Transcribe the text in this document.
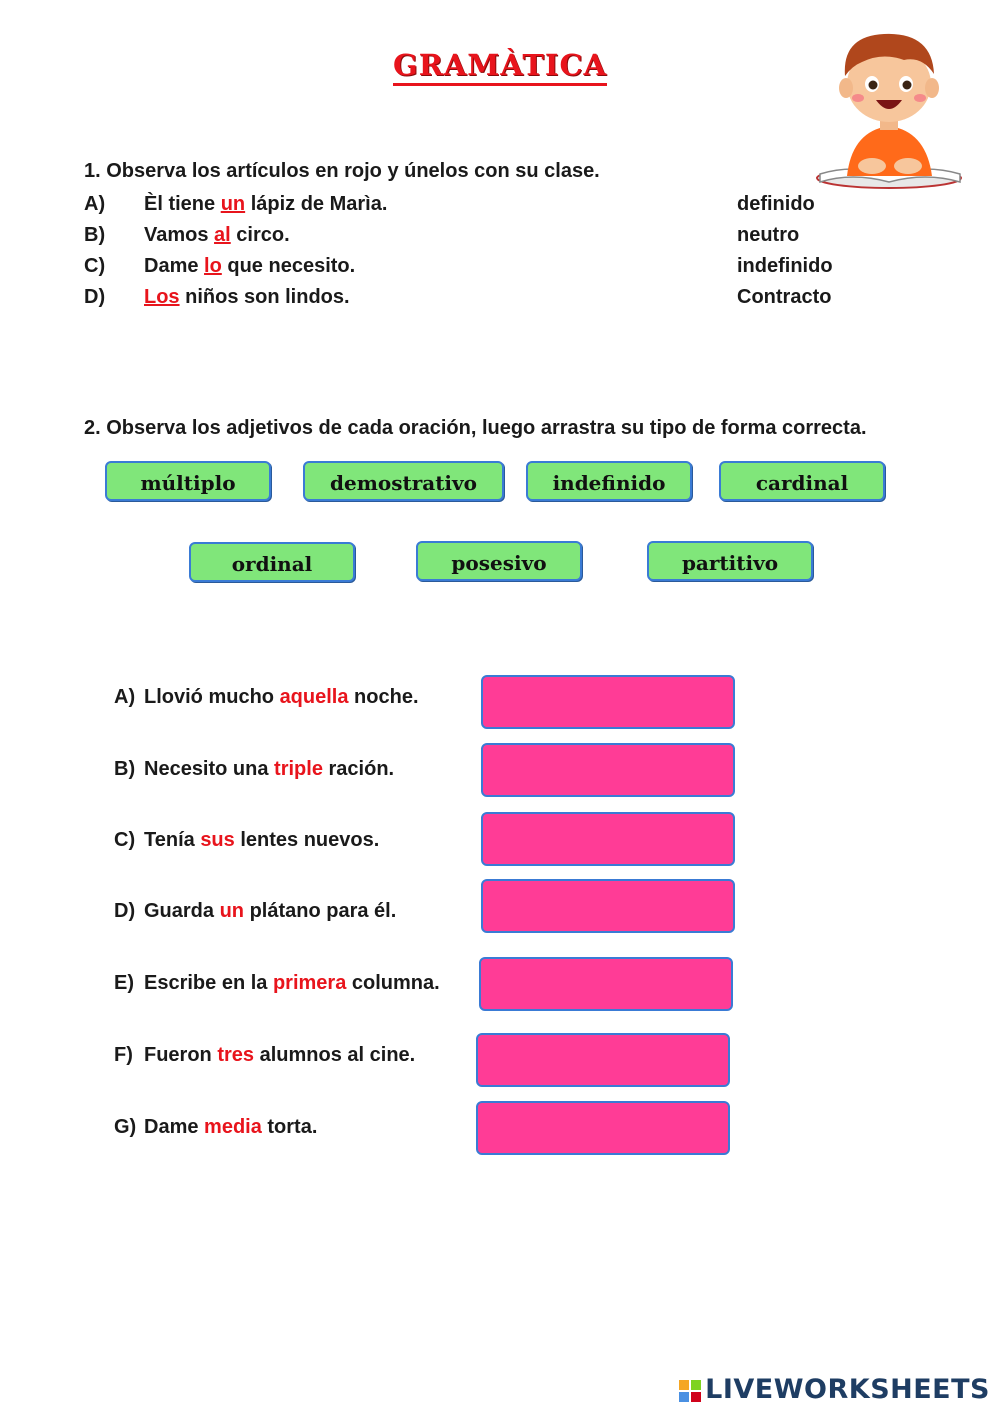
GRAMÀTICA
1. Observa los artículos en rojo y únelos con su clase.
A) Èl tiene un lápiz de Marìa.
B) Vamos al circo.
C) Dame lo que necesito.
D) Los niños son lindos.
definido
neutro
indefinido
Contracto
2. Observa los adjetivos de cada oración, luego arrastra su tipo de forma correcta.
múltiplo	demostrativo	indefinido	cardinal
ordinal	posesivo	partitivo
A) Llovió mucho aquella noche.
B) Necesito una triple ración.
C) Tenía sus lentes nuevos.
D) Guarda un plátano para él.
E) Escribe en la primera columna.
F) Fueron tres alumnos al cine.
G) Dame media torta.
LIVEWORKSHEETS
